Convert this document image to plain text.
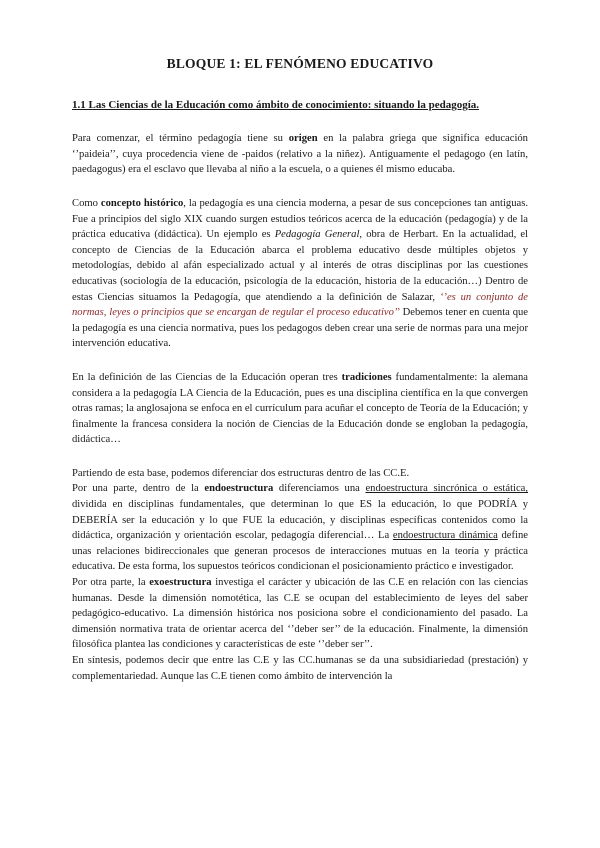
BLOQUE 1: EL FENÓMENO EDUCATIVO
1.1 Las Ciencias de la Educación como ámbito de conocimiento: situando la pedagogía.

Para comenzar, el término pedagogía tiene su origen en la palabra griega que significa educación ‘’paideia’’, cuya procedencia viene de -paidos (relativo a la niñez). Antiguamente el pedagogo (en latín, paedagogus) era el esclavo que llevaba al niño a la escuela, o a quienes él mismo educaba.

Como concepto histórico, la pedagogía es una ciencia moderna, a pesar de sus concepciones tan antiguas. Fue a principios del siglo XIX cuando surgen estudios teóricos acerca de la educación (pedagogía) y de la práctica educativa (didáctica). Un ejemplo es Pedagogía General, obra de Herbart. En la actualidad, el concepto de Ciencias de la Educación abarca el problema educativo desde múltiples objetos y metodologías, debido al afán especializado actual y al interés de otras disciplinas por las cuestiones educativas (sociología de la educación, psicología de la educación, historia de la educación…) Dentro de estas Ciencias situamos la Pedagogía, que atendiendo a la definición de Salazar, ‘’es un conjunto de normas, leyes o principios que se encargan de regular el proceso educativo’’ Debemos tener en cuenta que la pedagogía es una ciencia normativa, pues los pedagogos deben crear una serie de normas para una mejor intervención educativa.

En la definición de las Ciencias de la Educación operan tres tradiciones fundamentalmente: la alemana considera a la pedagogía LA Ciencia de la Educación, pues es una disciplina científica en la que convergen otras ramas; la anglosajona se enfoca en el currículum para acuñar el concepto de Teoría de la Educación; y finalmente la francesa considera la noción de Ciencias de la Educación donde se engloban la pedagogía, didáctica…

Partiendo de esta base, podemos diferenciar dos estructuras dentro de las CC.E.

Por una parte, dentro de la endoestructura diferenciamos una endoestructura sincrónica o estática, dividida en disciplinas fundamentales, que determinan lo que ES la educación, lo que PODRÍA y DEBERÍA ser la educación y lo que FUE la educación, y disciplinas específicas contenidos como la didáctica, organización y orientación escolar, pedagogía diferencial… La endoestructura dinámica define unas relaciones bidireccionales que generan procesos de interacciones mutuas en la teoría y práctica educativa. De esta forma, los supuestos teóricos condicionan el posicionamiento práctico e investigador.

Por otra parte, la exoestructura investiga el carácter y ubicación de las C.E en relación con las ciencias humanas. Desde la dimensión nomotética, las C.E se ocupan del establecimiento de leyes del saber pedagógico-educativo. La dimensión histórica nos posiciona sobre el condicionamiento del pasado. La dimensión normativa trata de orientar acerca del ‘’deber ser’’ de la educación. Finalmente, la dimensión filosófica plantea las condiciones y características de este ‘’deber ser’’.

En síntesis, podemos decir que entre las C.E y las CC.humanas se da una subsidiariedad (prestación) y complementariedad. Aunque las C.E tienen como ámbito de intervención la
